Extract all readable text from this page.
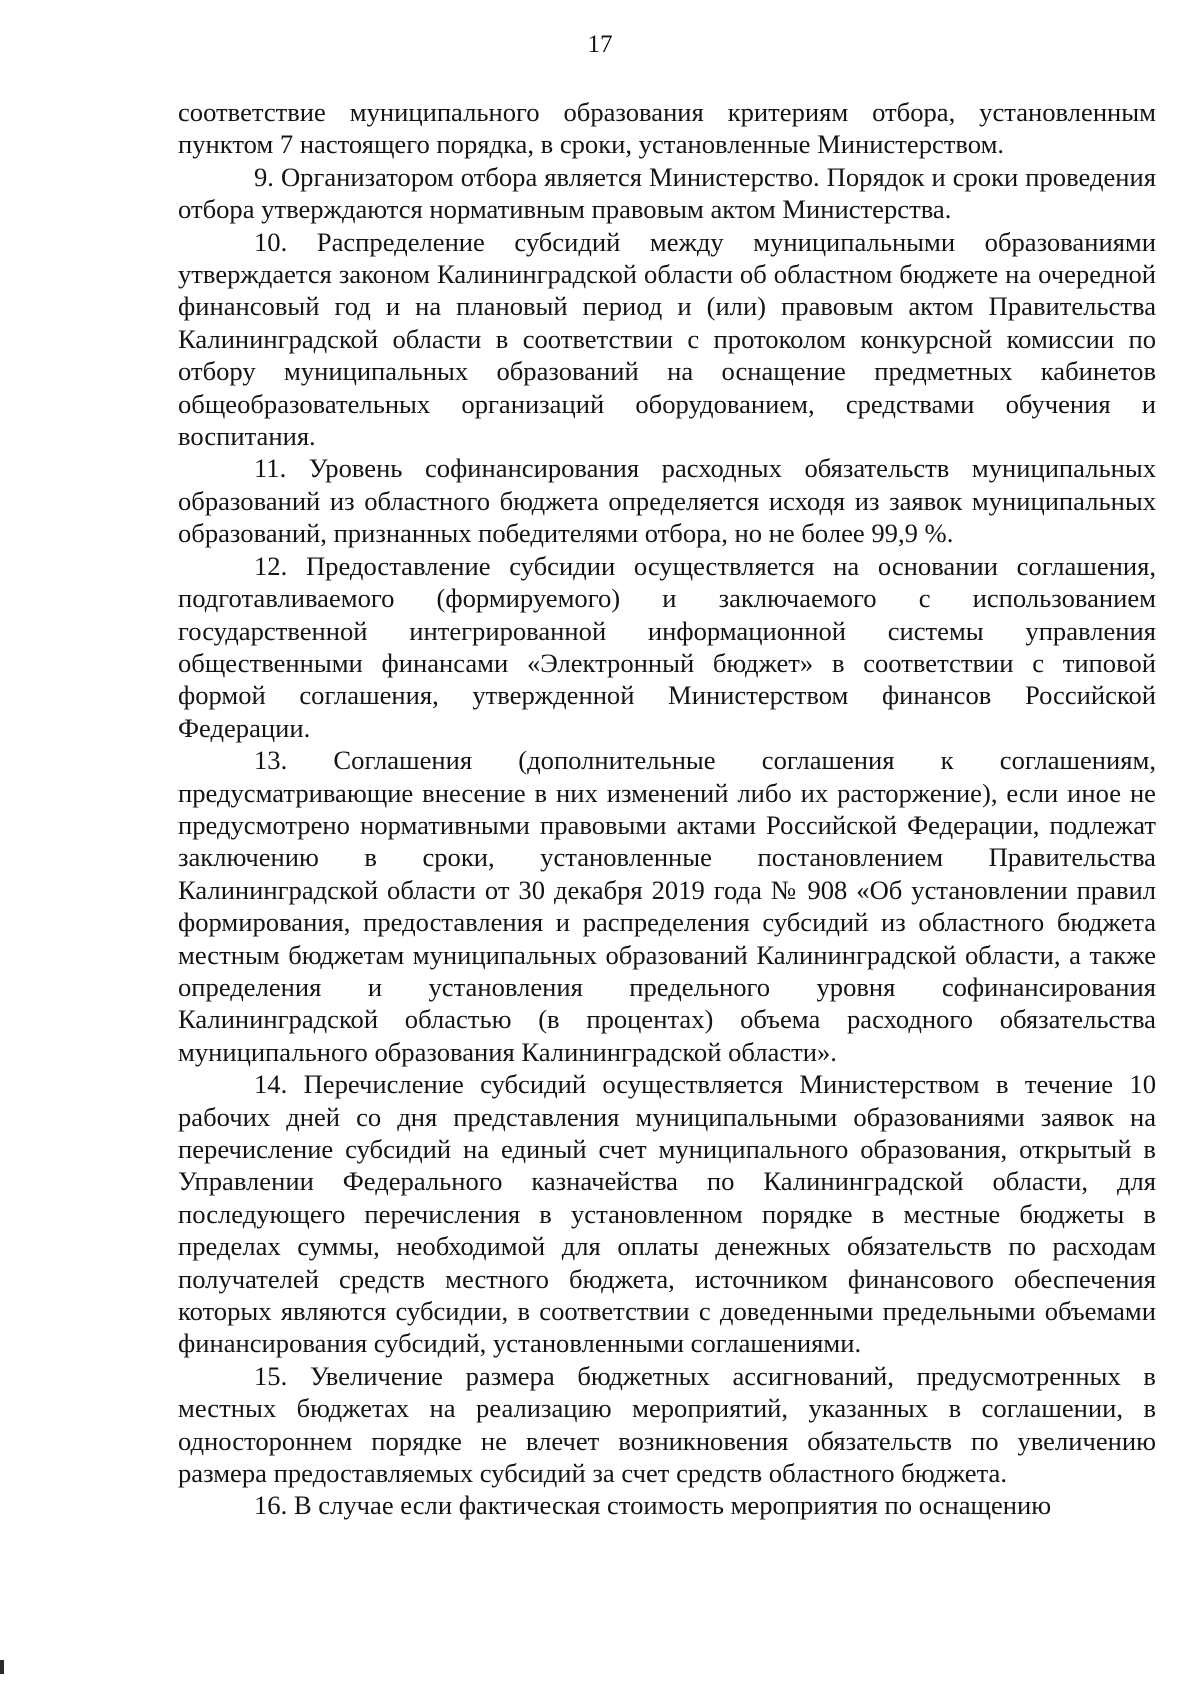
17

соответствие муниципального образования критериям отбора, установленным пунктом 7 настоящего порядка, в сроки, установленные Министерством.

9. Организатором отбора является Министерство. Порядок и сроки проведения отбора утверждаются нормативным правовым актом Министерства.

10. Распределение субсидий между муниципальными образованиями утверждается законом Калининградской области об областном бюджете на очередной финансовый год и на плановый период и (или) правовым актом Правительства Калининградской области в соответствии с протоколом конкурсной комиссии по отбору муниципальных образований на оснащение предметных кабинетов общеобразовательных организаций оборудованием, средствами обучения и воспитания.

11. Уровень софинансирования расходных обязательств муниципальных образований из областного бюджета определяется исходя из заявок муниципальных образований, признанных победителями отбора, но не более 99,9 %.

12. Предоставление субсидии осуществляется на основании соглашения, подготавливаемого (формируемого) и заключаемого с использованием государственной интегрированной информационной системы управления общественными финансами «Электронный бюджет» в соответствии с типовой формой соглашения, утвержденной Министерством финансов Российской Федерации.

13. Соглашения (дополнительные соглашения к соглашениям, предусматривающие внесение в них изменений либо их расторжение), если иное не предусмотрено нормативными правовыми актами Российской Федерации, подлежат заключению в сроки, установленные постановлением Правительства Калининградской области от 30 декабря 2019 года № 908 «Об установлении правил формирования, предоставления и распределения субсидий из областного бюджета местным бюджетам муниципальных образований Калининградской области, а также определения и установления предельного уровня софинансирования Калининградской областью (в процентах) объема расходного обязательства муниципального образования Калининградской области».

14. Перечисление субсидий осуществляется Министерством в течение 10 рабочих дней со дня представления муниципальными образованиями заявок на перечисление субсидий на единый счет муниципального образования, открытый в Управлении Федерального казначейства по Калининградской области, для последующего перечисления в установленном порядке в местные бюджеты в пределах суммы, необходимой для оплаты денежных обязательств по расходам получателей средств местного бюджета, источником финансового обеспечения которых являются субсидии, в соответствии с доведенными предельными объемами финансирования субсидий, установленными соглашениями.

15. Увеличение размера бюджетных ассигнований, предусмотренных в местных бюджетах на реализацию мероприятий, указанных в соглашении, в одностороннем порядке не влечет возникновения обязательств по увеличению размера предоставляемых субсидий за счет средств областного бюджета.

16. В случае если фактическая стоимость мероприятия по оснащению
